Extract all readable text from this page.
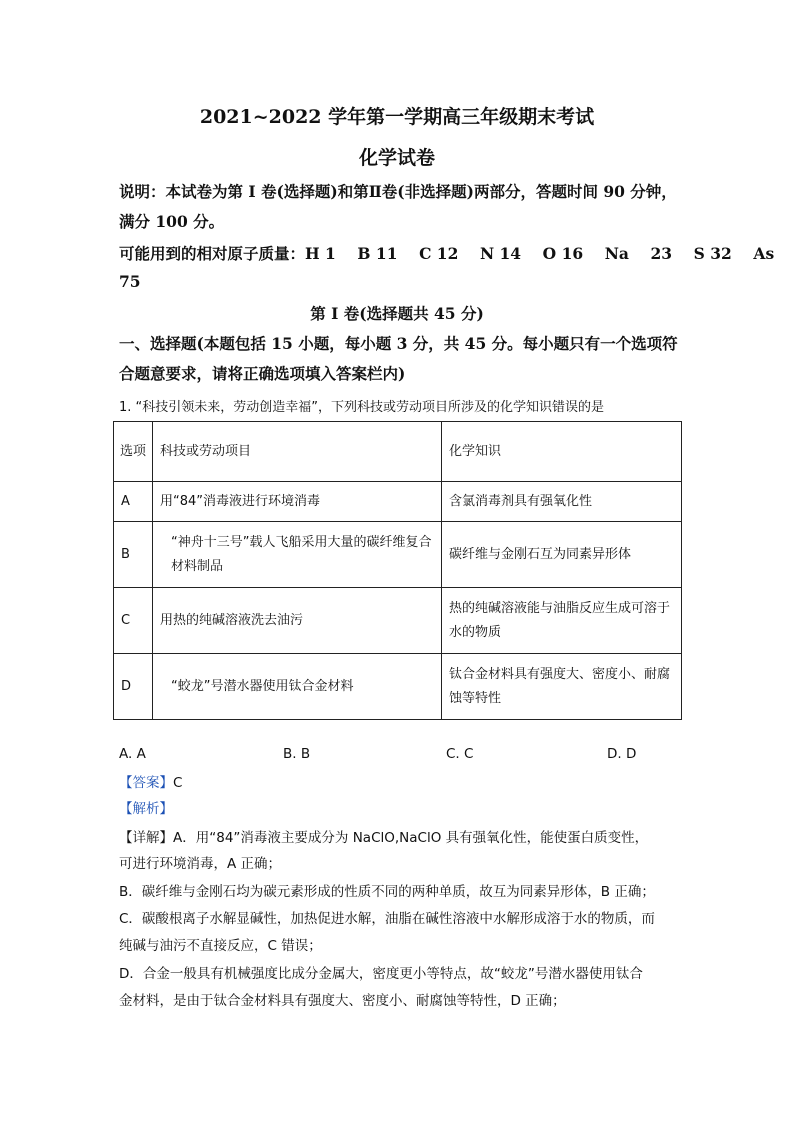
2021~2022 学年第一学期高三年级期末考试
化学试卷
说明：本试卷为第 I 卷(选择题)和第Ⅱ卷(非选择题)两部分，答题时间 90 分钟，
满分 100 分。
可能用到的相对原子质量：H 1    B 11    C 12    N 14    O 16    Na    23    S 32    As
75
第 I 卷(选择题共 45 分)
一、选择题(本题包括 15 小题，每小题 3 分，共 45 分。每小题只有一个选项符
合题意要求，请将正确选项填入答案栏内)
1. “科技引领未来，劳动创造幸福”，下列科技或劳动项目所涉及的化学知识错误的是
选项	科技或劳动项目	化学知识
A	用“84”消毒液进行环境消毒	含氯消毒剂具有强氧化性
B	“神舟十三号”载人飞船采用大量的碳纤维复合材料制品	碳纤维与金刚石互为同素异形体
C	用热的纯碱溶液洗去油污	热的纯碱溶液能与油脂反应生成可溶于水的物质
D	“蛟龙”号潜水器使用钛合金材料	钛合金材料具有强度大、密度小、耐腐蚀等特性
A. A	B. B	C. C	D. D
【答案】C
【解析】
【详解】A．用“84”消毒液主要成分为 NaClO,NaClO 具有强氧化性，能使蛋白质变性，
可进行环境消毒，A 正确；
B．碳纤维与金刚石均为碳元素形成的性质不同的两种单质，故互为同素异形体，B 正确；
C．碳酸根离子水解显碱性，加热促进水解，油脂在碱性溶液中水解形成溶于水的物质，而
纯碱与油污不直接反应，C 错误；
D．合金一般具有机械强度比成分金属大，密度更小等特点，故“蛟龙”号潜水器使用钛合
金材料，是由于钛合金材料具有强度大、密度小、耐腐蚀等特性，D 正确；
